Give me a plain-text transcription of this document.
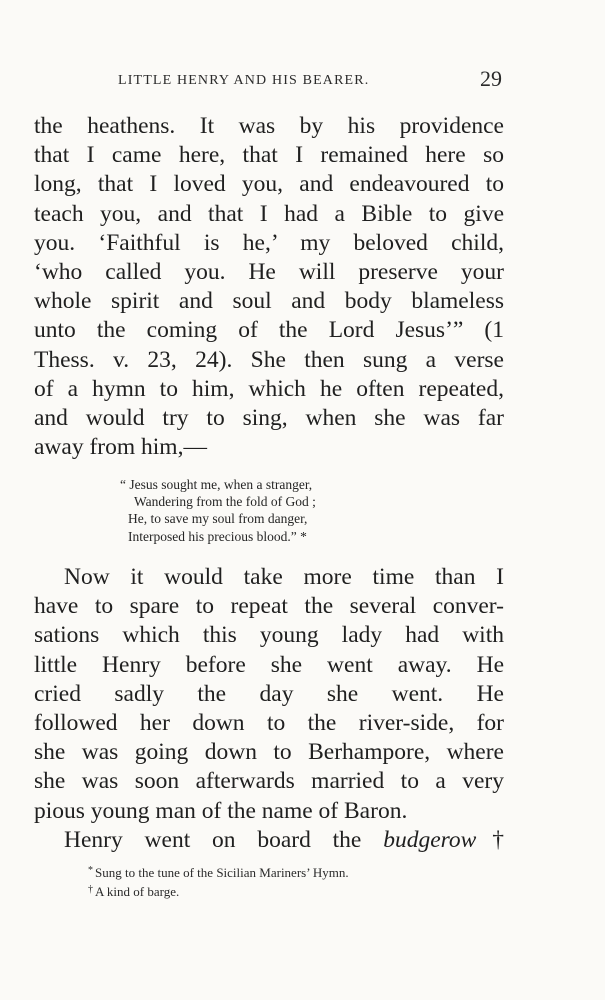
LITTLE HENRY AND HIS BEARER.	29
the heathens. It was by his providence
that I came here, that I remained here so
long, that I loved you, and endeavoured to
teach you, and that I had a Bible to give
you. ‘Faithful is he,’ my beloved child,
‘who called you. He will preserve your
whole spirit and soul and body blameless
unto the coming of the Lord Jesus’” (1
Thess. v. 23, 24). She then sung a verse
of a hymn to him, which he often repeated,
and would try to sing, when she was far
away from him,—
“ Jesus sought me, when a stranger,
Wandering from the fold of God ;
He, to save my soul from danger,
Interposed his precious blood.” *
Now it would take more time than I
have to spare to repeat the several conver-
sations which this young lady had with
little Henry before she went away. He
cried sadly the day she went. He
followed her down to the river-side, for
she was going down to Berhampore, where
she was soon afterwards married to a very
pious young man of the name of Baron.
Henry went on board the budgerow†
* Sung to the tune of the Sicilian Mariners’ Hymn.
† A kind of barge.
